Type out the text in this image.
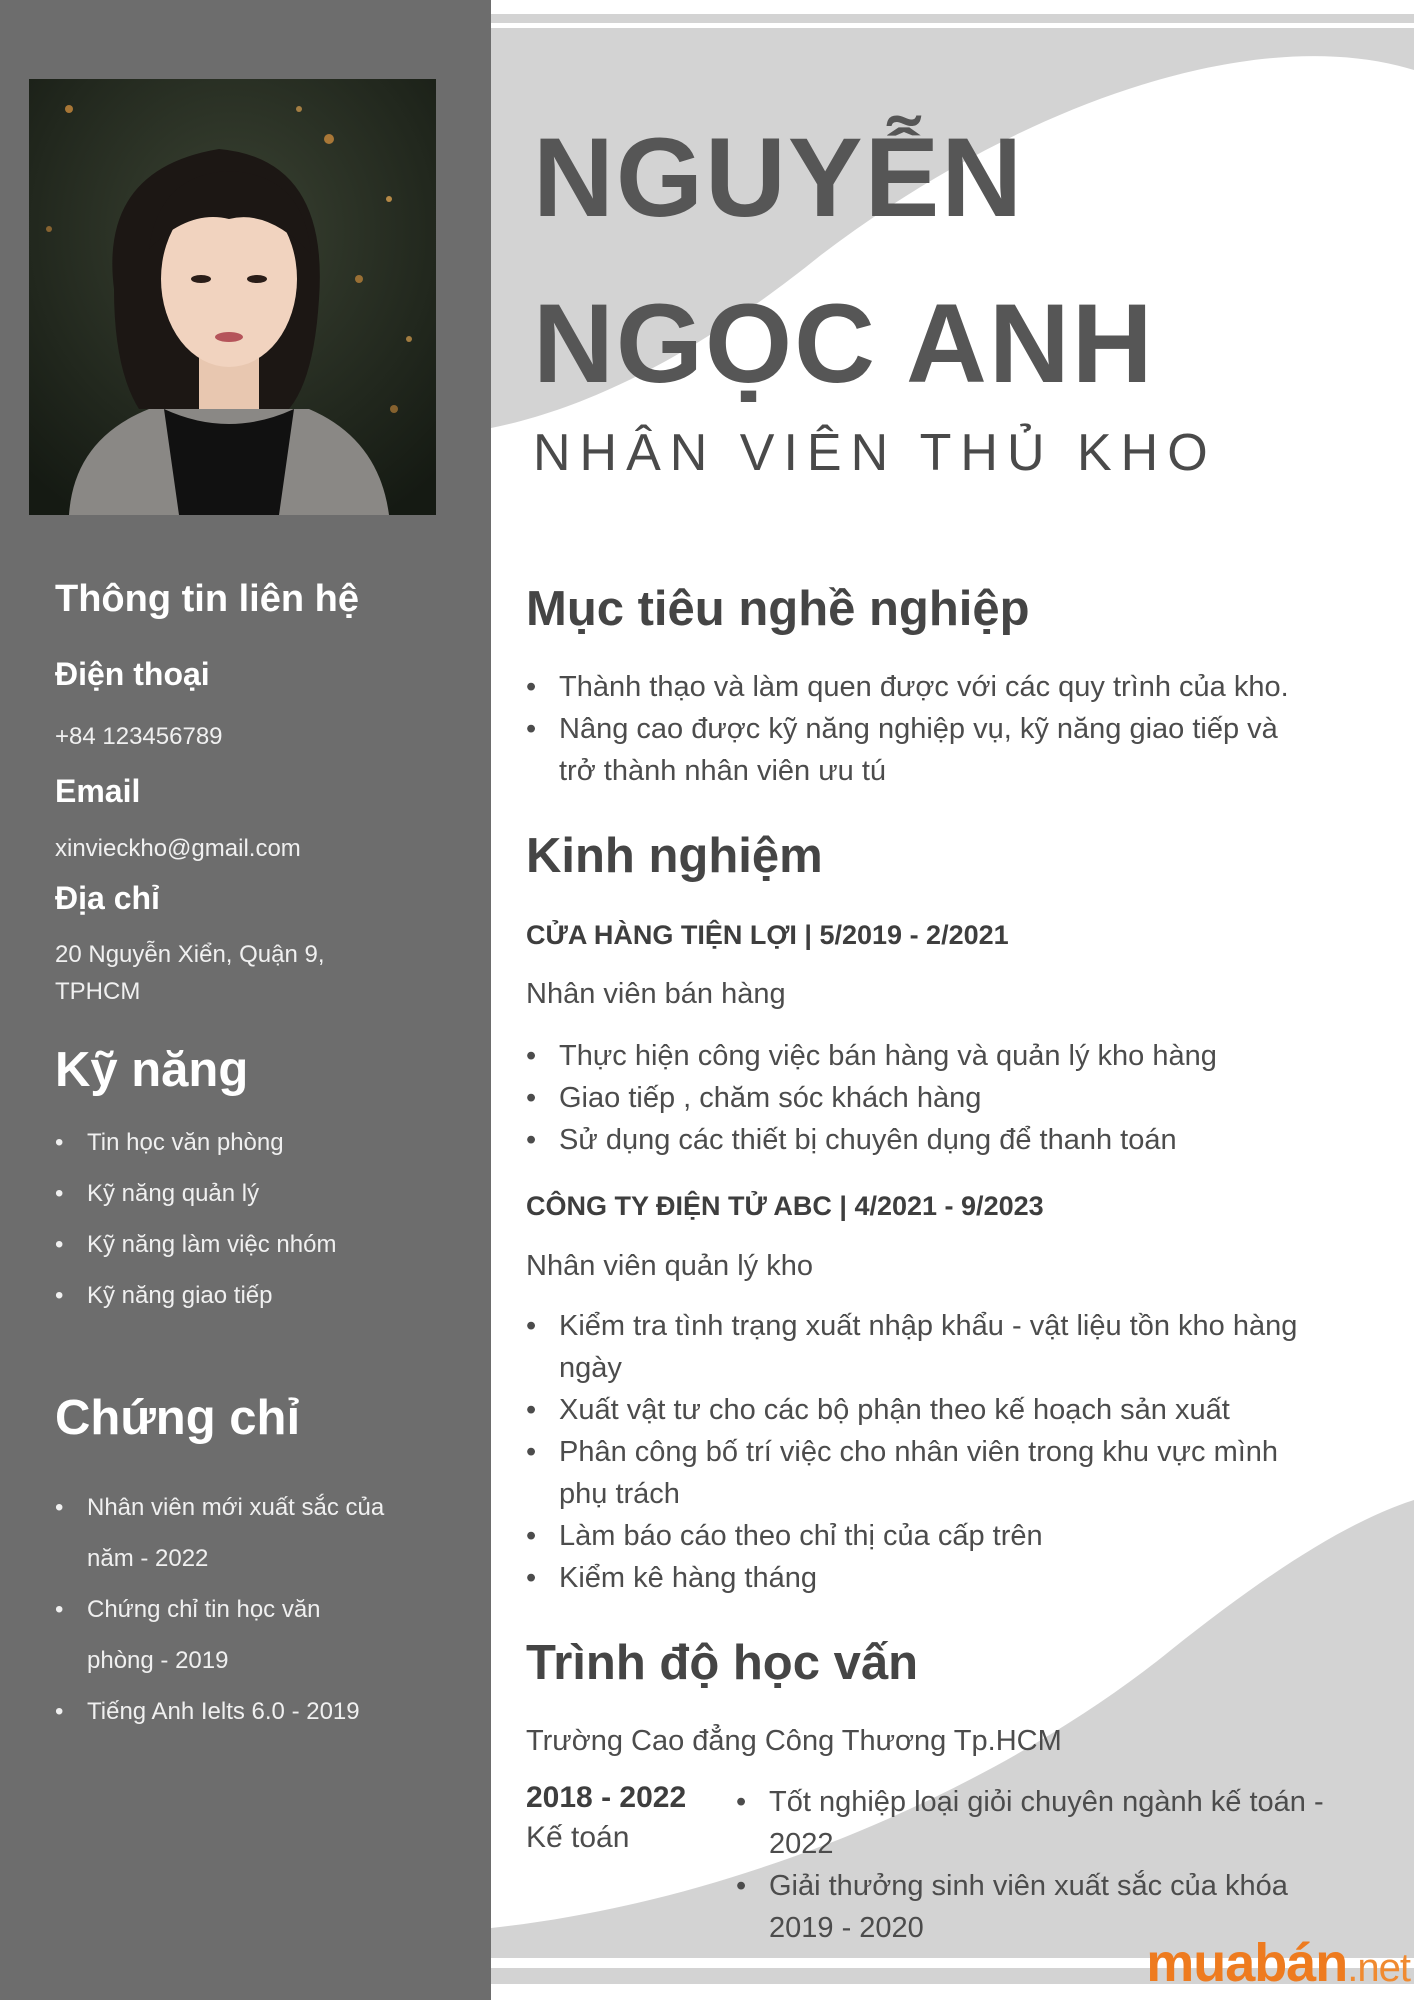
Thông tin liên hệ
Điện thoại

+84 123456789

Email

xinvieckho@gmail.com

Địa chỉ

20 Nguyễn Xiển, Quận 9,
TPHCM

Kỹ năng
• Tin học văn phòng
• Kỹ năng quản lý
• Kỹ năng làm việc nhóm
• Kỹ năng giao tiếp
Chứng chỉ
• Nhân viên mới xuất sắc của
năm - 2022
• Chứng chỉ tin học văn
phòng - 2019
• Tiếng Anh Ielts 6.0 - 2019
NGUYỄN
NGỌC ANH

NHÂN VIÊN THỦ KHO

Mục tiêu nghề nghiệp
• Thành thạo và làm quen được với các quy trình của kho.
• Nâng cao được kỹ năng nghiệp vụ, kỹ năng giao tiếp và
trở thành nhân viên ưu tú
Kinh nghiệm

CỬA HÀNG TIỆN LỢI | 5/2019 - 2/2021

Nhân viên bán hàng

• Thực hiện công việc bán hàng và quản lý kho hàng
• Giao tiếp , chăm sóc khách hàng
• Sử dụng các thiết bị chuyên dụng để thanh toán

CÔNG TY ĐIỆN TỬ ABC | 4/2021 - 9/2023

Nhân viên quản lý kho

• Kiểm tra tình trạng xuất nhập khẩu - vật liệu tồn kho hàng
ngày
• Xuất vật tư cho các bộ phận theo kế hoạch sản xuất
• Phân công bố trí việc cho nhân viên trong khu vực mình
phụ trách
• Làm báo cáo theo chỉ thị của cấp trên
• Kiểm kê hàng tháng
Trình độ học vấn

Trường Cao đẳng Công Thương Tp.HCM

2018 - 2022

Kế toán

• Tốt nghiệp loại giỏi chuyên ngành kế toán -
2022
• Giải thưởng sinh viên xuất sắc của khóa
2019 - 2020

muabán.net
